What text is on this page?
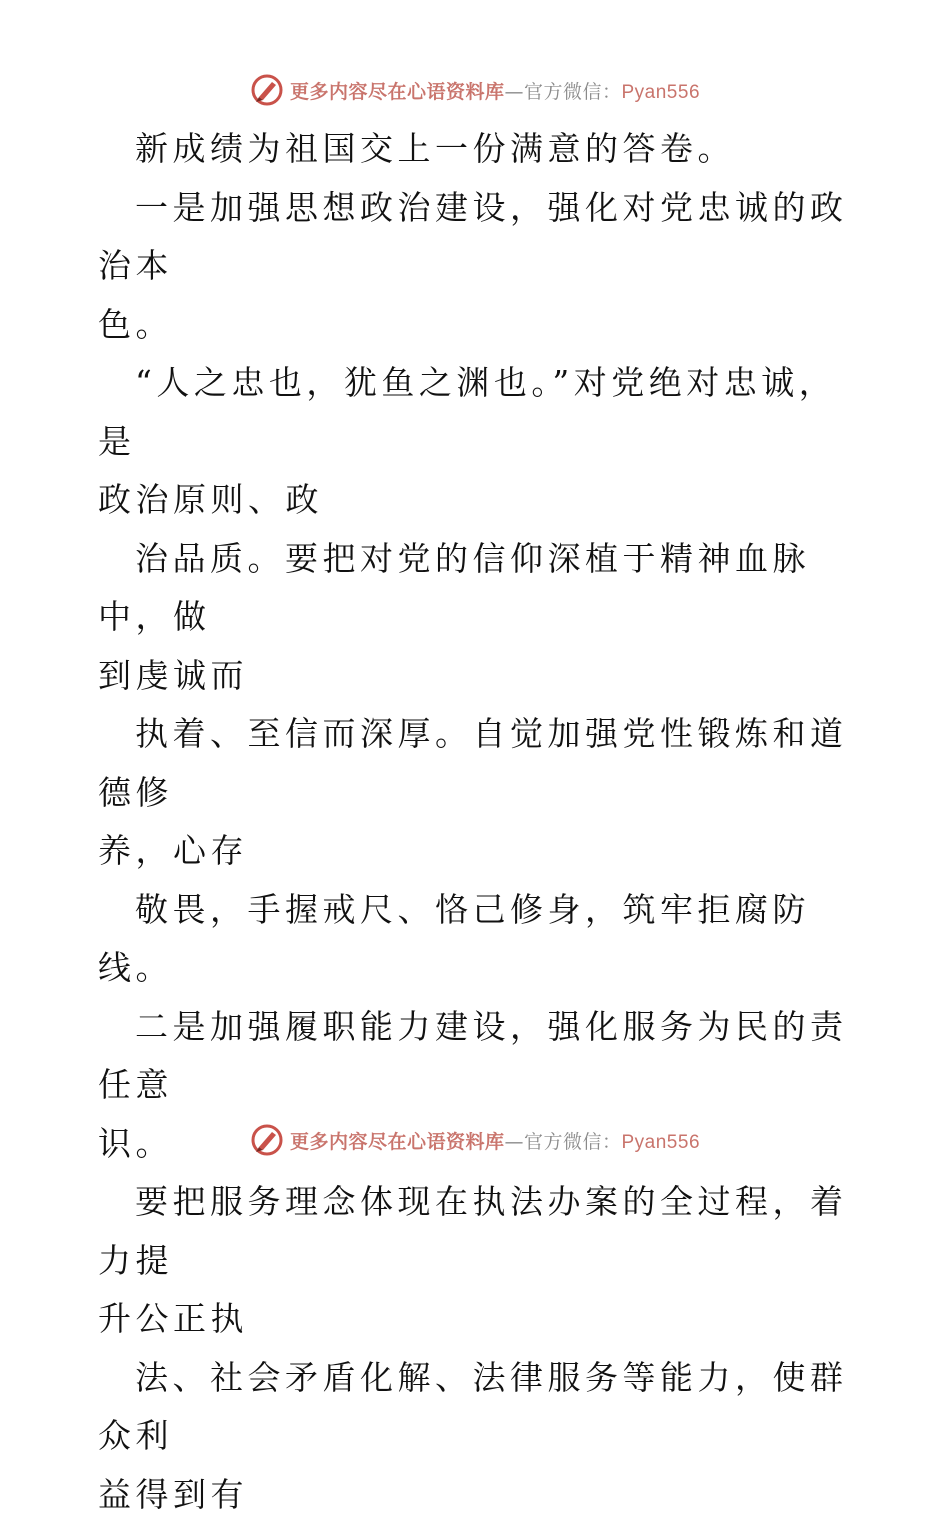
更多内容尽在心语资料库—官方微信：Pyan556

新成绩为祖国交上一份满意的答卷。

一是加强思想政治建设，强化对党忠诚的政治本
色。

“人之忠也，犹鱼之渊也。”对党绝对忠诚，是
政治原则、政

治品质。要把对党的信仰深植于精神血脉中，做
到虔诚而

执着、至信而深厚。自觉加强党性锻炼和道德修
养，心存

敬畏，手握戒尺、恪己修身，筑牢拒腐防线。

二是加强履职能力建设，强化服务为民的责任意
识。

要把服务理念体现在执法办案的全过程，着力提
升公正执

法、社会矛盾化解、法律服务等能力，使群众利
益得到有

更多内容尽在心语资料库—官方微信：Pyan556
